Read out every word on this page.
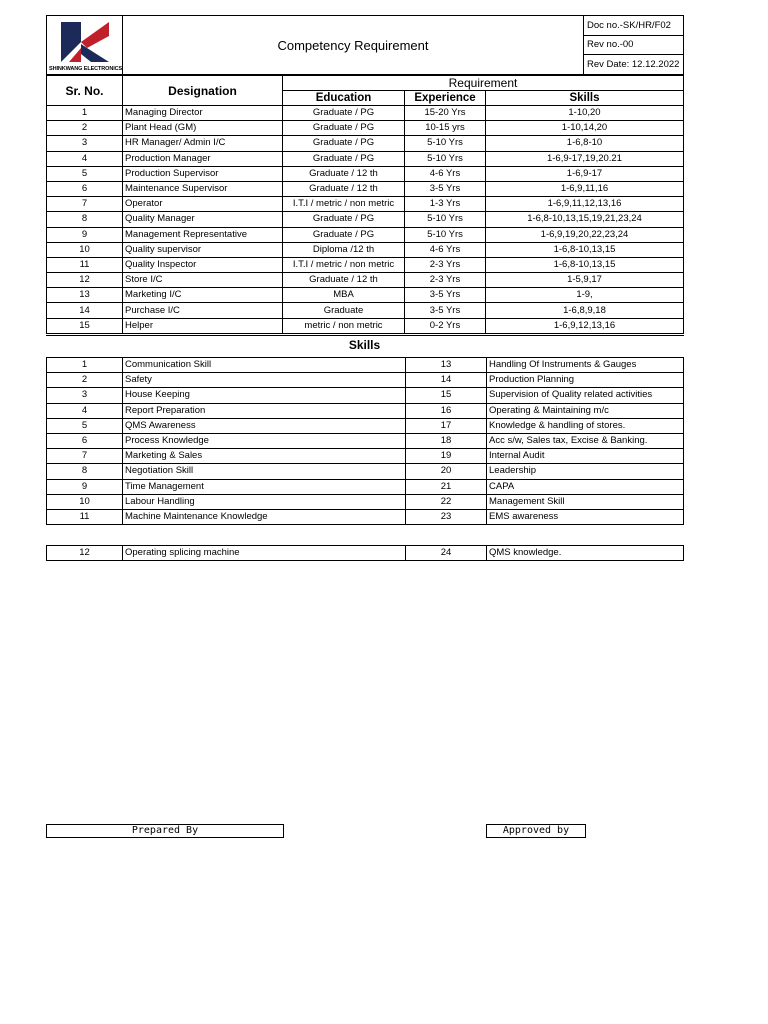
SHINKWANG ELECTRONICS
	Competency Requirement	Doc no.-SK/HR/F02
Rev no.-00
Rev Date: 12.12.2022
Sr. No.	Designation	Requirement		
		Education	Experience	Skills
1	Managing Director	Graduate / PG	15-20 Yrs	1-10,20
2	Plant Head (GM)	Graduate / PG	10-15 yrs	1-10,14,20
3	HR Manager/ Admin I/C	Graduate / PG	5-10 Yrs	1-6,8-10
4	Production Manager	Graduate / PG	5-10 Yrs	1-6,9-17,19,20.21
5	Production Supervisor	Graduate / 12 th	4-6 Yrs	1-6,9-17
6	Maintenance Supervisor	Graduate / 12 th	3-5 Yrs	1-6,9,11,16
7	Operator	I.T.I / metric / non metric	1-3 Yrs	1-6,9,11,12,13,16
8	Quality Manager	Graduate / PG	5-10 Yrs	1-6,8-10,13,15,19,21,23,24
9	Management Representative	Graduate / PG	5-10 Yrs	1-6,9,19,20,22,23,24
10	Quality supervisor	Diploma /12 th	4-6 Yrs	1-6,8-10,13,15
11	Quality Inspector	I.T.I / metric / non metric	2-3 Yrs	1-6,8-10,13,15
12	Store I/C	Graduate / 12 th	2-3 Yrs	1-5,9,17
13	Marketing I/C	MBA	3-5 Yrs	1-9,
14	Purchase I/C	Graduate	3-5 Yrs	1-6,8,9,18
15	Helper	metric / non metric	0-2 Yrs	1-6,9,12,13,16

Skills
1	Communication Skill	13	Handling Of Instruments & Gauges
2	Safety	14	Production Planning
3	House Keeping	15	Supervision of Quality related activities
4	Report Preparation	16	Operating & Maintaining m/c
5	QMS Awareness	17	Knowledge & handling of stores.
6	Process Knowledge	18	Acc s/w, Sales tax, Excise & Banking.
7	Marketing & Sales	19	Internal Audit
8	Negotiation Skill	20	Leadership
9	Time Management	21	CAPA
10	Labour Handling	22	Management Skill
11	Machine Maintenance Knowledge	23	EMS awareness
12	Operating splicing machine	24	QMS knowledge.
Prepared By	Approved by
